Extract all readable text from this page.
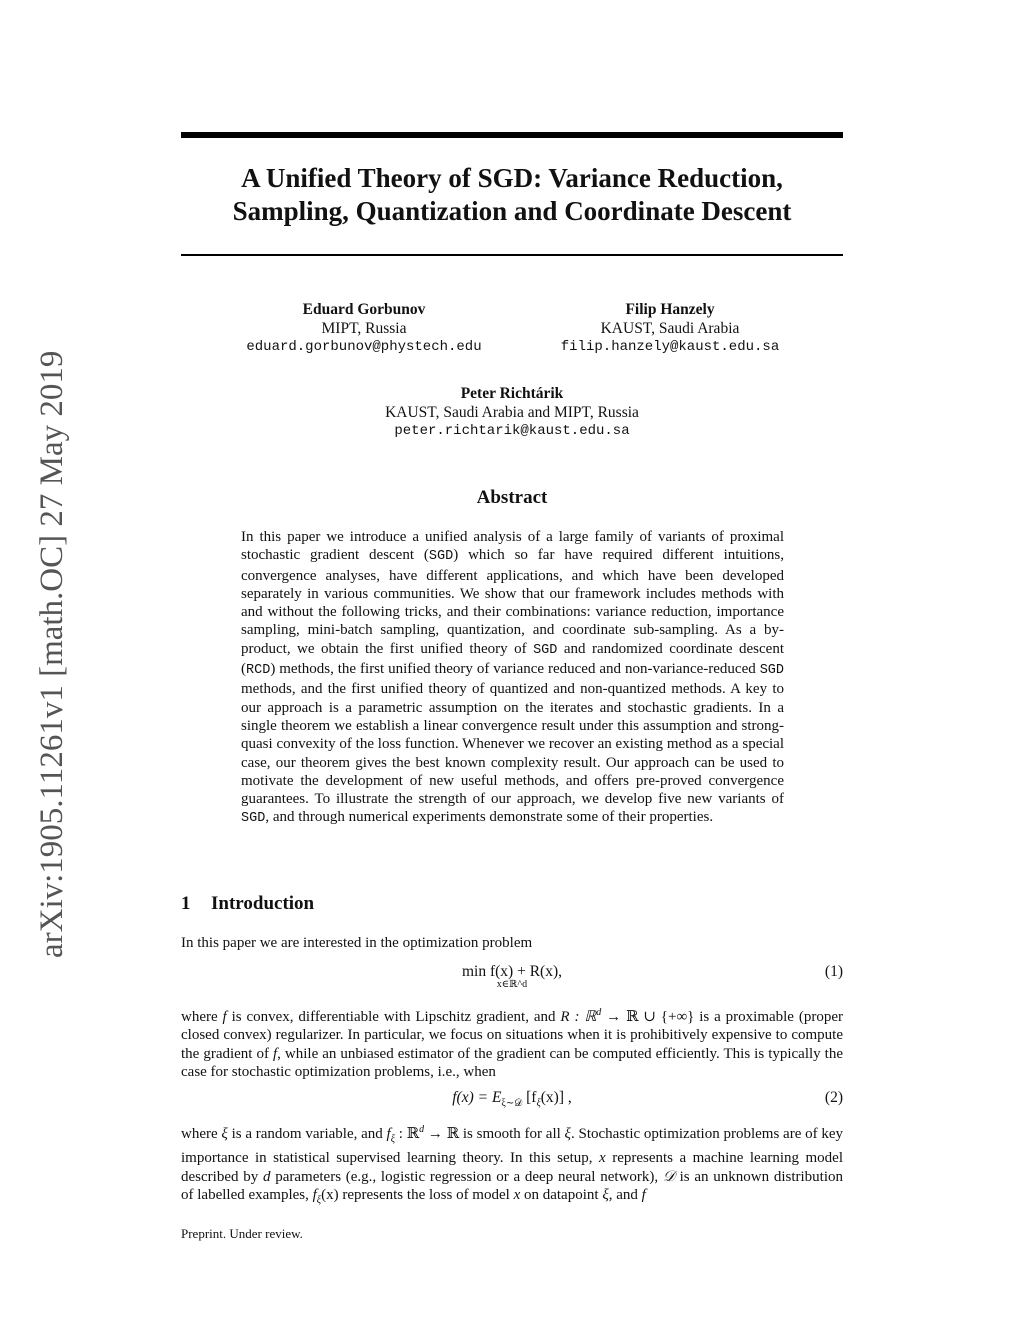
arXiv:1905.11261v1 [math.OC] 27 May 2019
A Unified Theory of SGD: Variance Reduction,
Sampling, Quantization and Coordinate Descent
Eduard Gorbunov
MIPT, Russia
eduard.gorbunov@phystech.edu
Filip Hanzely
KAUST, Saudi Arabia
filip.hanzely@kaust.edu.sa
Peter Richtárik
KAUST, Saudi Arabia and MIPT, Russia
peter.richtarik@kaust.edu.sa
Abstract
In this paper we introduce a unified analysis of a large family of variants of proximal stochastic gradient descent (SGD) which so far have required different intuitions, convergence analyses, have different applications, and which have been developed separately in various communities. We show that our framework includes methods with and without the following tricks, and their combinations: variance reduction, importance sampling, mini-batch sampling, quantization, and coordinate sub-sampling. As a by-product, we obtain the first unified theory of SGD and randomized coordinate descent (RCD) methods, the first unified theory of variance reduced and non-variance-reduced SGD methods, and the first unified theory of quantized and non-quantized methods. A key to our approach is a parametric assumption on the iterates and stochastic gradients. In a single theorem we establish a linear convergence result under this assumption and strong-quasi convexity of the loss function. Whenever we recover an existing method as a special case, our theorem gives the best known complexity result. Our approach can be used to motivate the development of new useful methods, and offers pre-proved convergence guarantees. To illustrate the strength of our approach, we develop five new variants of SGD, and through numerical experiments demonstrate some of their properties.
1 Introduction
In this paper we are interested in the optimization problem
min f(x) + R(x),
x∈ℝ^d
(1)
where f is convex, differentiable with Lipschitz gradient, and R : ℝ$^d$ → ℝ ∪ {+∞} is a proximable (proper closed convex) regularizer. In particular, we focus on situations when it is prohibitively expensive to compute the gradient of f, while an unbiased estimator of the gradient can be computed efficiently. This is typically the case for stochastic optimization problems, i.e., when
$f(x) = E_{\xi\sim 𝒟}$ $[f_\xi(x)]$ ,	(2)
where ξ is a random variable, and $f_\xi$ : ℝ$^d$ → ℝ is smooth for all ξ. Stochastic optimization problems are of key importance in statistical supervised learning theory. In this setup, x represents a machine learning model described by d parameters (e.g., logistic regression or a deep neural network), 𝒟 is an unknown distribution of labelled examples, $f_\xi(x)$ represents the loss of model x on datapoint ξ, and f
Preprint. Under review.
